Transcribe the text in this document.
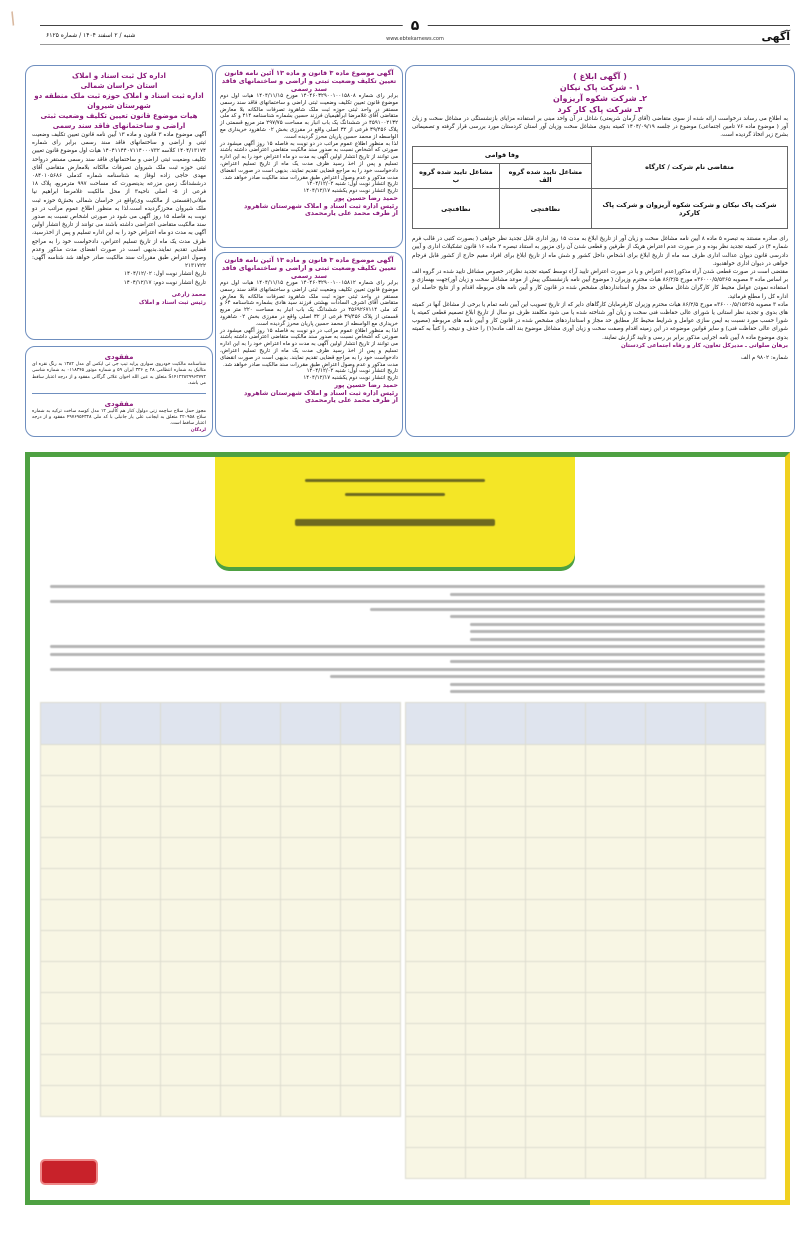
۵
www.ebtekarnews.com	آگهی
شنبه / ۲ اسفند ۱۴۰۴ / شماره ۶۱۲۵
ا
( آگهی ابلاغ )
۱ - شرکت پاک نیکان
۲ـ شرکت شکوه آریزوان
۳ـ شرکت پاک کار کرد

به اطلاع می رساند درخواست ارائه شده از سوی متقاضی (آقای آرمان شریعتی) شاغل در آن واحد مبنی بر استفاده مزایای بازنشستگی در مشاغل سخت و زیان آور ( موضوع ماده ۷۶ تامین اجتماعی) موضوع در جلسه ۱۴۰۴/۰۹/۱۹ کمیته بدوی مشاغل سخت وزیان آور استان کردستان مورد بررسی قرار گرفته و تصمیماتی بشرح زیر اتخاذ گردیده است.

متقاضی نام شرکت / کارگاه	وفا قوامی	
	مشاغل تایید شده گروه الف	مشاغل تایید شده گروه ب
شرکت پاک نیکان و شرکت شکوه آریزوان و شرکت پاک کارکرد	نظافتچی	نظافتچی

رای صادره مستند به تبصره ۵ ماده ۸ آیین نامه مشاغل سخت و زیان آور از تاریخ ابلاغ به مدت ۱۵ روز اداری قابل تجدید نظر خواهی ( بصورت کتبی در قالب فرم شماره ۴) در کمیته تجدید نظر بوده و در صورت عدم اعتراض هریک از طرفین و قطعی شدن آن رای مزبور به استناد تبصره ۲ ماده ۱۶ قانون تشکیلات اداری و آیین دادرسی قانون دیوان عدالت اداری ظرف سه ماه از تاریخ ابلاغ برای اشخاص داخل کشور و شش ماه از تاریخ ابلاغ برای افراد مقیم خارج از کشور قابل فرجام خواهی در دیوان اداری خواهدبود.

مقتضی است در صورت قطعی شدن آراء مذکور(عدم اعتراض و یا در صورت اعتراض تایید آراء توسط کمیته تجدید نظر)در خصوص مشاغل تایید شده در گروه الف بر اساس ماده ۳ مصوبه ۳۶۰۰۰/۵/۵۳۶۵ه مورخ ۸۶/۲/۵ هیات محترم وزیران ( موضوع آیین نامه بازنشستگی پیش از موعد مشاغل سخت و زیان آور)جهت بهسازی و استفاده نمودن عوامل محیط کار کارگران شاغل مطابق حد مجاز و استانداردهای مشخص شده در قانون کار و آیین نامه های مربوطه اقدام و از نتایج حاصله این اداره کل را مطلع فرمائید.

ماده ۳ مصوبه ۳۶۰۰۰/۵/۱۵۳۶۵ه مورخ ۸۶/۲/۵ هیات محترم وزیران کارفرمایان کارگاهای دایر که از تاریخ تصویب این آیین نامه تمام یا برخی از مشاغل آنها در کمیته های بدوی و تجدید نظر استانی یا شورای عالی حفاظت فنی سخت و زیان آور شناخته شده یا می شود مکلفند ظرف دو سال از تاریخ ابلاغ تصمیم قطعی کمیته یا شورا حسب مورد نسبت به ایمن سازی عوامل و شرایط محیط کار مطابق حد مجاز و استانداردهای مشخص شده در قانون کار و آیین نامه های مربوطه (مصوب شورای عالی حفاظت فنی) و سایر قوانین موضوعه در این زمینه اقدام وصفت سخت و زیان آوری مشاغل موضوع بند الف ماده(۱) را حذف و نتیجه را کتباً به کمیته بدوی موضوع ماده ۸ آیین نامه اجرایی مذکور برابر بر رسی و تایید گزارش نمایند.

برهان صلواتی ـ مدیرکل تعاون، کار و رفاه اجتماعی کردستان

شماره: ۹۸۰۲ م الف

آگهی موضوع ماده ۳ قانون و ماده ۱۳ آئین نامه قانون تعیین تکلیف وضعیت ثبتی و اراضی و ساختمانهای فاقد سند رسمی

برابر رای شماره ۱۴۰۴۶۰۳۲۹۰۰۱۰۰۱۵۸۰۸ مورخ ۱۴۰۴/۱۱/۱۵ هیات اول دوم موضوع قانون تعیین تکلیف وضعیت ثبتی اراضی و ساختمانهای فاقد سند رسمی مستقر در واحد ثبتی حوزه ثبت ملک شاهرود تصرفات مالکانه بلا معارض متقاضی آقای غلامرضا ابراهیمیان فرزند حسین بشماره شناسنامه ۴۱۴ و کد ملی ۴۵۹۱۰۰۲۱۳۲ در ششدانگ یک باب انبار به مساحت ۲۹۷/۷۵ متر مربع قسمتی از پلاک ۳۹/۴۵۶ فرعی از ۳۲ اصلی واقع در مفرزی بخش ۰۲ شاهرود خریداری مع الواسطه از محمد حسین پاریان محرز گردیده است.

لذا به منظور اطلاع عموم مراتب در دو نوبت به فاصله ۱۵ روز آگهی میشود در صورتی که اشخاص نسبت به صدور سند مالکیت متقاضی اعتراضی داشته باشند می توانند از تاریخ انتشار اولین آگهی به مدت دو ماه اعتراض خود را به این اداره تسلیم و پس از اخذ رسید ظرف مدت یک ماه از تاریخ تسلیم اعتراض، دادخواست خود را به مراجع قضایی تقدیم نمایند. بدیهی است در صورت انقضای مدت مذکور و عدم وصول اعتراض طبق مقررات سند مالکیت صادر خواهد شد.

تاریخ انتشار نوبت اول: شنبه ۱۴۰۴/۱۲/۰۲

تاریخ انتشار نوبت دوم یکشنبه ۱۴۰۴/۱۲/۱۷

حمید رضا حسین پور

رئیس اداره ثبت اسناد و املاک شهرستان شاهرود

از طرف محمد علی یارمحمدی

آگهی موضوع ماده ۳ قانون و ماده ۱۳ آئین نامه قانون تعیین تکلیف وضعیت ثبتی و اراضی و ساختمانهای فاقد سند رسمی

برابر رای شماره ۱۴۰۴۶۰۳۲۹۰۰۱۰۰۱۵۸۱۲ مورخ ۱۴۰۴/۱۱/۱۵ هیات اول دوم موضوع قانون تعیین تکلیف وضعیت ثبتی اراضی و ساختمانهای فاقد سند رسمی مستقر در واحد ثبتی حوزه ثبت ملک شاهرود تصرفات مالکانه بلا معارض متقاضی آقای اشرف السادات بهشتی فرزند سید هادی بشماره شناسنامه ۶۴ و کد ملی ۴۵۶۹۲۶۷۱۱۴ در ششدانگ یک باب انبار به مساحت ۲۲۰ متر مربع قسمتی از پلاک ۳۹/۴۵۶ فرعی از ۳۲ اصلی واقع در مفرزی بخش ۰۲ شاهرود خریداری مع الواسطه از محمد حسین پاریان محرز گردیده است.

لذا به منظور اطلاع عموم مراتب در دو نوبت به فاصله ۱۵ روز آگهی میشود در صورتی که اشخاص نسبت به صدور سند مالکیت متقاضی اعتراضی داشته باشند می توانند از تاریخ انتشار اولین آگهی به مدت دو ماه اعتراض خود را به این اداره تسلیم و پس از اخذ رسید ظرف مدت یک ماه از تاریخ تسلیم اعتراض، دادخواست خود را به مراجع قضایی تقدیم نمایند. بدیهی است در صورت انقضای مدت مذکور و عدم وصول اعتراض طبق مقررات سند مالکیت صادر خواهد شد.

تاریخ انتشار نوبت اول: شنبه ۱۴۰۴/۱۲/۰۲

تاریخ انتشار نوبت دوم یکشنبه ۱۴۰۴/۱۲/۱۷

حمید رضا حسین پور

رئیس اداره ثبت اسناد و املاک شهرستان شاهرود

از طرف محمد علی یارمحمدی

اداره کل ثبت اسناد و املاک
استان خراسان شمالی
اداره ثبت اسناد و املاک حوزه ثبت ملک منطقه دو
شهرستان شیروان
هیات موضوع قانون تعیین تکلیف وضعیت ثبتی
اراضی و ساختمانهای فاقد سند رسمی

آگهی موضوع ماده ۳ قانون و ماده ۱۳ آیین نامه قانون تعیین تکلیف وضعیت ثبتی و اراضی و ساختمانهای فاقد سند رسمی برابر رای شماره ۱۴۰۴/۱۳۱۷۴ کلاسه ۱۴۰۴۱۱۴۴۰۷۱۱۴۰۰۰۷۳۲ هیات اول موضوع قانون تعیین تکلیف وضعیت ثبتی اراضی و ساختمانهای فاقد سند رسمی مستقر درواحد ثبتی حوزه ثبت ملک شیروان تصرفات مالکانه بلامعارض متقاضی آقای مهدی حاجی زاده لوفاز به شناسنامه شماره کدملی ۰۸۴۰۱۰۵۶۸۶ درششدانگ زمین مزرعه بدینصورت که مساحت ۹۹۷ مترمربع، پلاک ۱۸ فرعی از ۵- اصلی ناحیه۳ از محل مالکیت غلامرضا ابراهیم نیا میلانی(قسمتی از مالکیت وی)واقع در خراسان شمالی بخش۵ حوزه ثبت ملک شیروان محرزگردیده است.لذا به منظور اطلاع عموم مراتب در دو نوبت به فاصله ۱۵ روز آگهی می شود در صورتی اشخاص نسبت به صدور سند مالکیت متقاضی اعتراضی داشته باشند می توانند از تاریخ انتشار اولین آگهی به مدت دو ماه اعتراض خود را به این اداره تسلیم و پس از اخذرسید، ظرف مدت یک ماه از تاریخ تسلیم اعتراض، دادخواست خود را به مراجع قضایی تقدیم نمایند.بدیهی است در صورت انقضای مدت مذکور وعدم وصول اعتراض طبق مقررات سند مالکیت صادر خواهد شد شناسه آگهی: ۲۱۳۱۷۲۲

تاریخ انتشار نوبت اول: ۱۴۰۴/۱۲/۰۲

تاریخ انتشار نوبت دوم: ۱۴۰۴/۱۲/۱۷

محمد زارعی

رئیس ثبت اسناد و املاک

مفقودی

شناسنامه مالکیت خودروی سواری پراید تیپ جی تی ایکس آی مدل ۱۳۸۲ به رنگ نقره ای متالیک به شماره انتظامی ۲۸ ج ۳۳۶ ایران ۵۹ و شماره موتور ۰۱۱۸۳۴۵ به شماره شاسی S۱۴۱۲۲۸۲۹۹۶۳۷۷۲ متعلق به عین الله اخوان علائی گرگانی مفقود و از درجه اعتبار ساقط می باشد.

مفقودی

مجوز حمل سلاح ساچمه زنی دولول کنار هم کالیبر ۱۲ مدل کوسه ساخت ترکیه به شماره سلاح ۲۲۰۹۵۸ متعلق به ایجانب علی یار جانبلی با کد ملی ۴۹۷۶۹۵۴۳۲۸ مفقود و از درجه اعتبار ساقط است.

لردگان
